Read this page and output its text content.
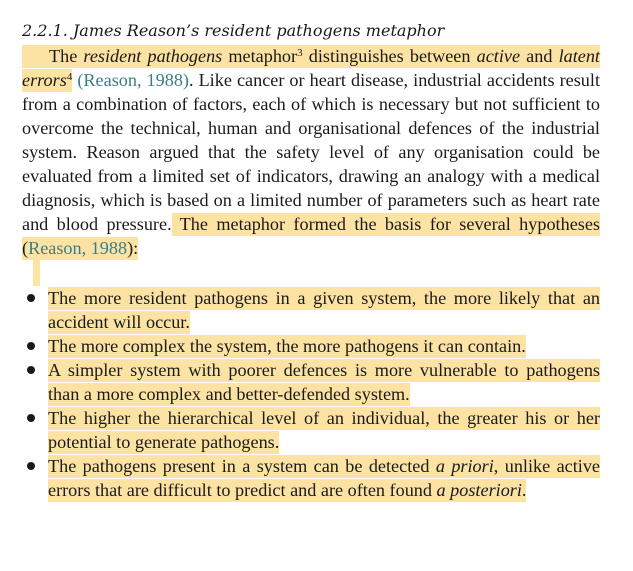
2.2.1. James Reason’s resident pathogens metaphor

The resident pathogens metaphor$^3$ distinguishes between active and latent errors$^4$ (Reason, 1988). Like cancer or heart disease, industrial accidents result from a combination of factors, each of which is necessary but not sufficient to overcome the technical, human and organisational defences of the industrial system. Reason argued that the safety level of any organisation could be evaluated from a limited set of indicators, drawing an analogy with a medical diagnosis, which is based on a limited number of parameters such as heart rate and blood pressure. The metaphor formed the basis for several hypotheses (Reason, 1988):

The more resident pathogens in a given system, the more likely that an accident will occur.
The more complex the system, the more pathogens it can contain.
A simpler system with poorer defences is more vulnerable to pathogens than a more complex and better-defended system.
The higher the hierarchical level of an individual, the greater his or her potential to generate pathogens.
The pathogens present in a system can be detected a priori, unlike active errors that are difficult to predict and are often found a posteriori.
